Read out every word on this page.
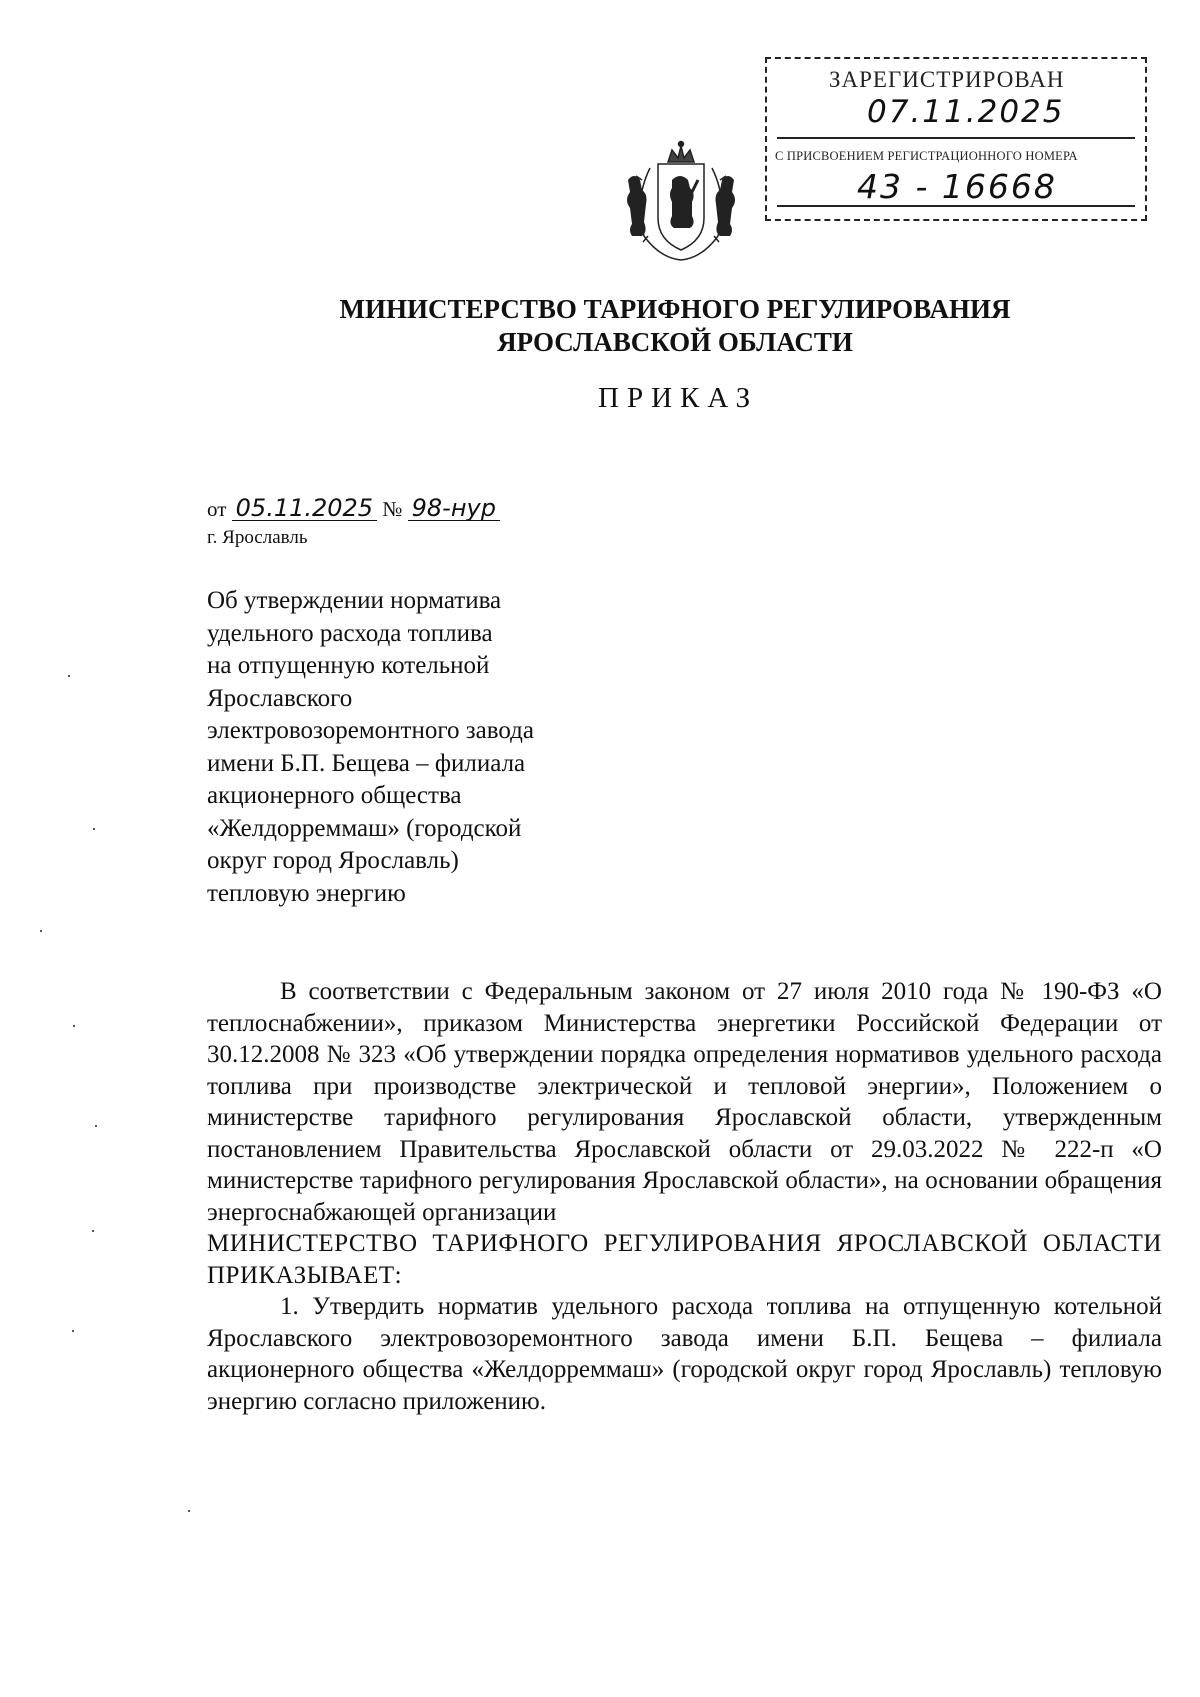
ЗАРЕГИСТРИРОВАН
07.11.2025
С ПРИСВОЕНИЕМ РЕГИСТРАЦИОННОГО НОМЕРА
43 - 16668
МИНИСТЕРСТВО ТАРИФНОГО РЕГУЛИРОВАНИЯ
ЯРОСЛАВСКОЙ ОБЛАСТИ
ПРИКАЗ
от 05.11.2025 № 98-нур
г. Ярославль
Об утверждении норматива
удельного расхода топлива
на отпущенную котельной
Ярославского
электровозоремонтного завода
имени Б.П. Бещева – филиала
акционерного общества
«Желдорреммаш» (городской
округ город Ярославль)
тепловую энергию

В соответствии с Федеральным законом от 27 июля 2010 года № 190-ФЗ «О теплоснабжении», приказом Министерства энергетики Российской Федерации от 30.12.2008 № 323 «Об утверждении порядка определения нормативов удельного расхода топлива при производстве электрической и тепловой энергии», Положением о министерстве тарифного регулирования Ярославской области, утвержденным постановлением Правительства Ярославской области от 29.03.2022 № 222-п «О министерстве тарифного регулирования Ярославской области», на основании обращения энергоснабжающей организации

МИНИСТЕРСТВО ТАРИФНОГО РЕГУЛИРОВАНИЯ ЯРОСЛАВСКОЙ ОБЛАСТИ ПРИКАЗЫВАЕТ:

1. Утвердить норматив удельного расхода топлива на отпущенную котельной Ярославского электровозоремонтного завода имени Б.П. Бещева – филиала акционерного общества «Желдорреммаш» (городской округ город Ярославль) тепловую энергию согласно приложению.
